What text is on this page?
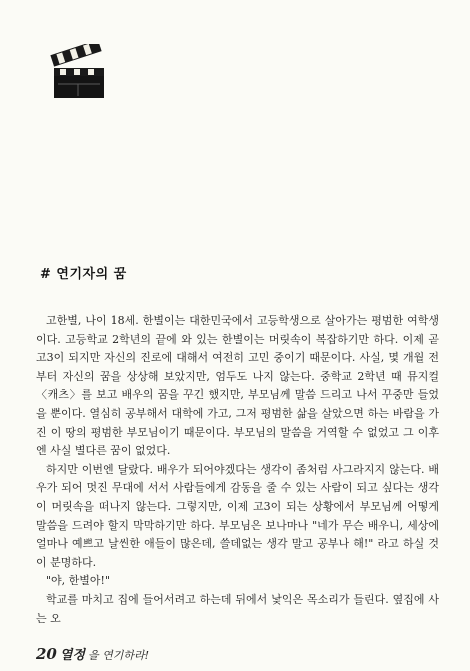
# 연기자의 꿈

고한별, 나이 18세. 한별이는 대한민국에서 고등학생으로 살아가는 평범한 여학생이다. 고등학교 2학년의 끝에 와 있는 한별이는 머릿속이 복잡하기만 하다. 이제 곧 고3이 되지만 자신의 진로에 대해서 여전히 고민 중이기 때문이다. 사실, 몇 개월 전부터 자신의 꿈을 상상해 보았지만, 엄두도 나지 않는다. 중학교 2학년 때 뮤지컬 〈캐츠〉를 보고 배우의 꿈을 꾸긴 했지만, 부모님께 말씀 드리고 나서 꾸중만 들었을 뿐이다. 열심히 공부해서 대학에 가고, 그저 평범한 삶을 살았으면 하는 바람을 가진 이 땅의 평범한 부모님이기 때문이다. 부모님의 말씀을 거역할 수 없었고 그 이후엔 사실 별다른 꿈이 없었다.

하지만 이번엔 달랐다. 배우가 되어야겠다는 생각이 좀처럼 사그라지지 않는다. 배우가 되어 멋진 무대에 서서 사람들에게 감동을 줄 수 있는 사람이 되고 싶다는 생각이 머릿속을 떠나지 않는다. 그렇지만, 이제 고3이 되는 상황에서 부모님께 어떻게 말씀을 드려야 할지 막막하기만 하다. 부모님은 보나마나 "네가 무슨 배우니, 세상에 얼마나 예쁘고 날씬한 애들이 많은데, 쓸데없는 생각 말고 공부나 해!" 라고 하실 것이 분명하다.

"야, 한별아!"

학교를 마치고 집에 들어서려고 하는데 뒤에서 낯익은 목소리가 들린다. 옆집에 사는 오

20 열정 을 연기하라!
